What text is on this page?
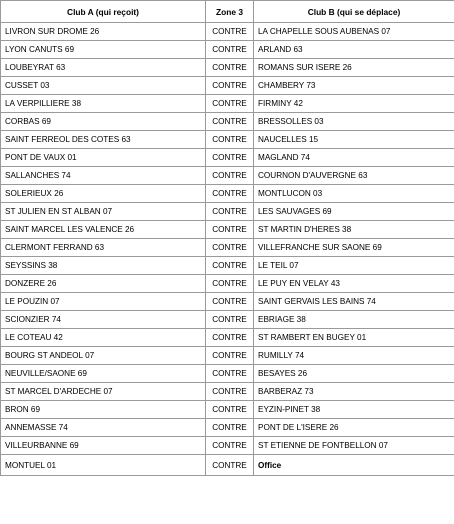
Club A (qui reçoit)	Zone 3	Club B (qui se déplace)
LIVRON SUR DROME 26	CONTRE	LA CHAPELLE SOUS AUBENAS 07
LYON CANUTS 69	CONTRE	ARLAND 63
LOUBEYRAT 63	CONTRE	ROMANS SUR ISERE 26
CUSSET 03	CONTRE	CHAMBERY 73
LA VERPILLIERE 38	CONTRE	FIRMINY 42
CORBAS 69	CONTRE	BRESSOLLES 03
SAINT FERREOL DES COTES 63	CONTRE	NAUCELLES 15
PONT DE VAUX 01	CONTRE	MAGLAND 74
SALLANCHES 74	CONTRE	COURNON D'AUVERGNE 63
SOLERIEUX 26	CONTRE	MONTLUCON 03
ST JULIEN EN ST ALBAN 07	CONTRE	LES SAUVAGES 69
SAINT MARCEL LES VALENCE 26	CONTRE	ST MARTIN D'HERES 38
CLERMONT FERRAND 63	CONTRE	VILLEFRANCHE SUR SAONE 69
SEYSSINS 38	CONTRE	LE TEIL 07
DONZERE 26	CONTRE	LE PUY EN VELAY 43
LE POUZIN 07	CONTRE	SAINT GERVAIS LES BAINS 74
SCIONZIER 74	CONTRE	EBRIAGE 38
LE COTEAU 42	CONTRE	ST RAMBERT EN BUGEY 01
BOURG ST ANDEOL 07	CONTRE	RUMILLY 74
NEUVILLE/SAONE 69	CONTRE	BESAYES 26
ST MARCEL D'ARDECHE 07	CONTRE	BARBERAZ 73
BRON 69	CONTRE	EYZIN-PINET 38
ANNEMASSE 74	CONTRE	PONT DE L'ISERE 26
VILLEURBANNE 69	CONTRE	ST ETIENNE DE FONTBELLON 07
MONTUEL 01	CONTRE	Office
